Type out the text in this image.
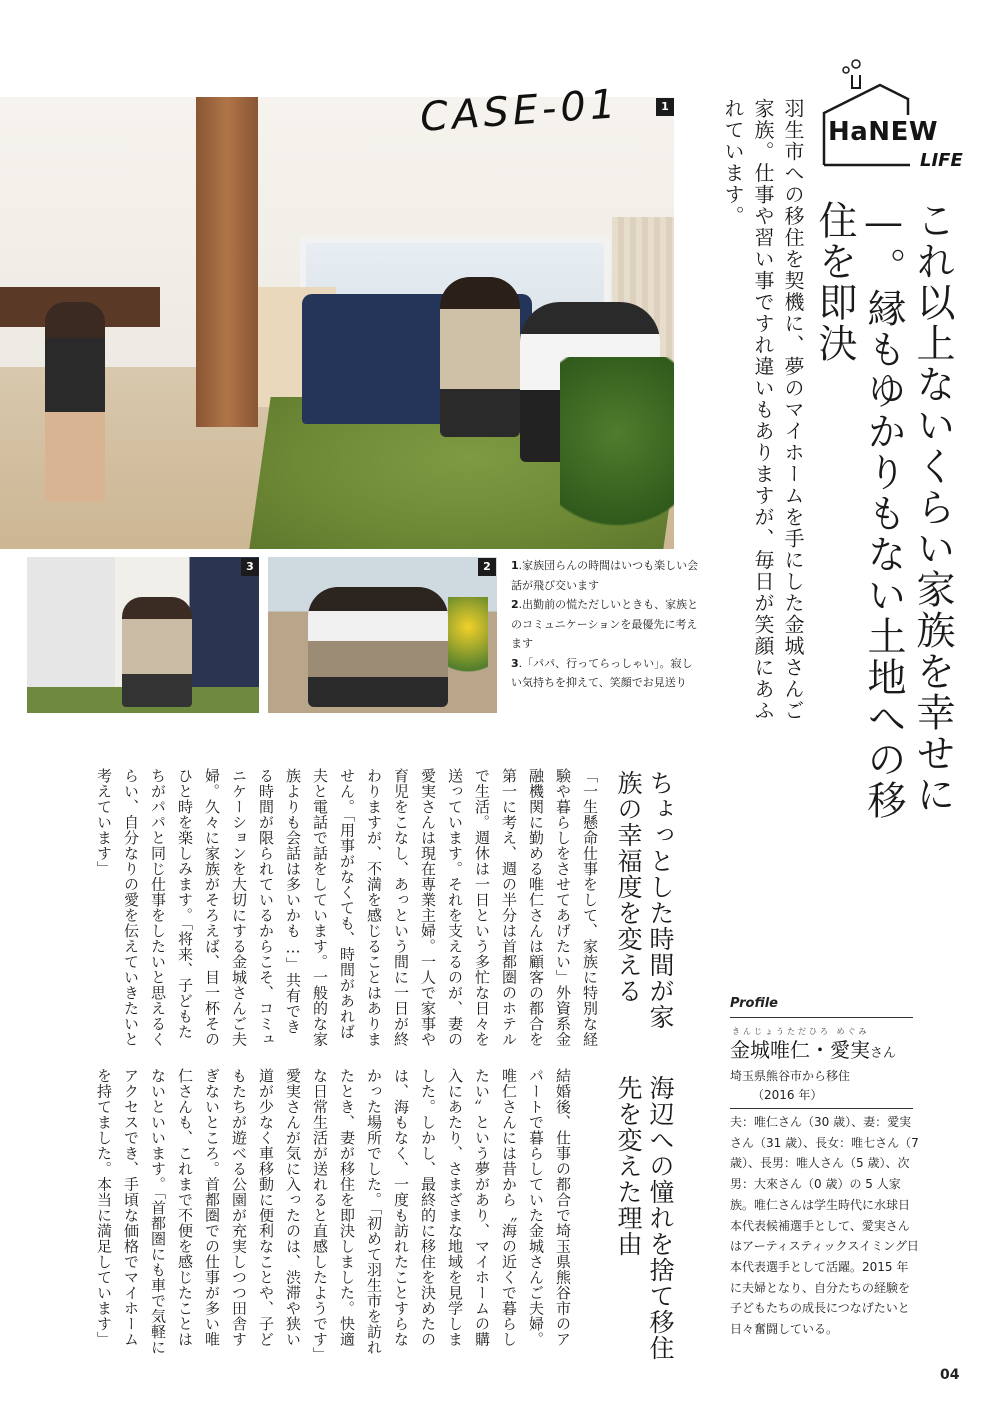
1
3	2
CASE-01	HaNEW
LIFE
これ以上ないくらい家族を幸せに—。縁もゆかりもない土地への移住を即決
羽生市への移住を契機に、夢のマイホームを手にした金城さんご家族。仕事や習い事ですれ違いもありますが、毎日が笑顔にあふれています。
1.家族団らんの時間はいつも楽しい会話が飛び交います
2.出勤前の慌ただしいときも、家族とのコミュニケーションを最優先に考えます
3.「パパ、行ってらっしゃい」。寂しい気持ちを抑えて、笑顔でお見送り
ちょっとした時間が家族の幸福度を変える
「一生懸命仕事をして、家族に特別な経験や暮らしをさせてあげたい」外資系金融機関に勤める唯仁さんは顧客の都合を第一に考え、週の半分は首都圏のホテルで生活。週休は一日という多忙な日々を送っています。それを支えるのが、妻の愛実さんは現在専業主婦。一人で家事や育児をこなし、あっという間に一日が終わりますが、不満を感じることはありません。「用事がなくても、時間があれば夫と電話で話をしています。一般的な家族よりも会話は多いかも…」共有できる時間が限られているからこそ、コミュニケーションを大切にする金城さんご夫婦。久々に家族がそろえば、目一杯そのひと時を楽しみます。「将来、子どもたちがパパと同じ仕事をしたいと思えるくらい、自分なりの愛を伝えていきたいと考えています」
海辺への憧れを捨て移住先を変えた理由
結婚後、仕事の都合で埼玉県熊谷市のアパートで暮らしていた金城さんご夫婦。唯仁さんには昔から〝海の近くで暮らしたい〟という夢があり、マイホームの購入にあたり、さまざまな地域を見学しました。しかし、最終的に移住を決めたのは、海もなく、一度も訪れたことすらなかった場所でした。「初めて羽生市を訪れたとき、妻が移住を即決しました。快適な日常生活が送れると直感したようです」愛実さんが気に入ったのは、渋滞や狭い道が少なく車移動に便利なことや、子どもたちが遊べる公園が充実しつつ田舎すぎないところ。首都圏での仕事が多い唯仁さんも、これまで不便を感じたことはないといいます。「首都圏にも車で気軽にアクセスでき、手頃な価格でマイホームを持てました。本当に満足しています」
Profile
きんじょうただひろ めぐみ
金城唯仁・愛実さん
埼玉県熊谷市から移住
（2016 年）
夫：唯仁さん（30 歳）、妻：愛実さん（31 歳）、長女：唯七さん（7 歳）、長男：唯人さん（5 歳）、次男：大來さん（0 歳）の 5 人家族。唯仁さんは学生時代に水球日本代表候補選手として、愛実さんはアーティスティックスイミング日本代表選手として活躍。2015 年に夫婦となり、自分たちの経験を子どもたちの成長につなげたいと日々奮闘している。
04
